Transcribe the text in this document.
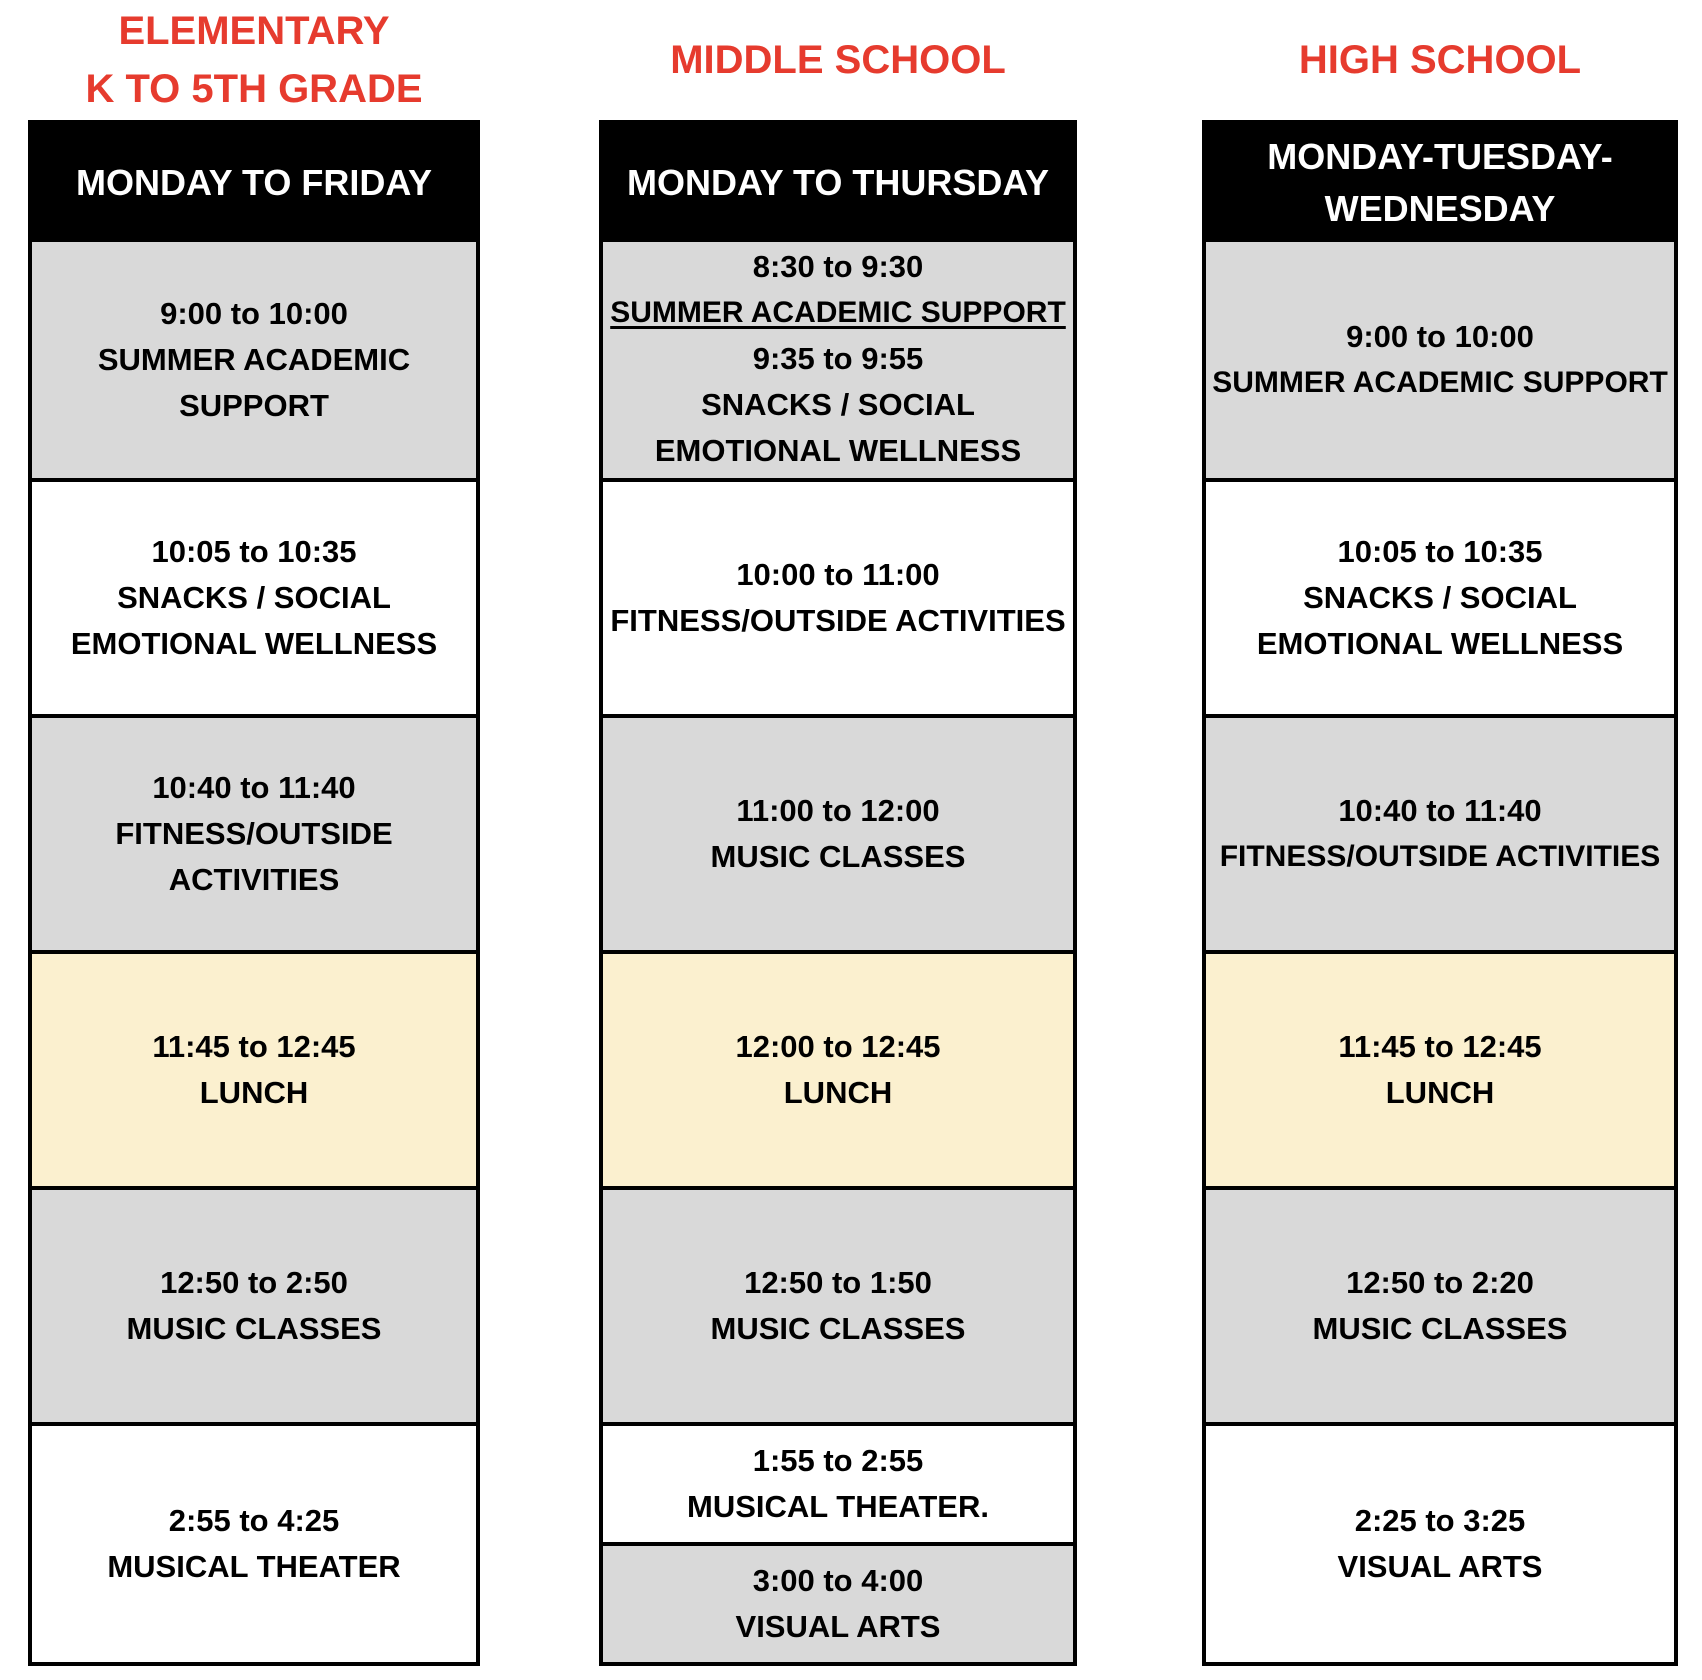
ELEMENTARY
K TO 5TH GRADE
MONDAY TO FRIDAY
9:00 to 10:00
SUMMER ACADEMIC SUPPORT
10:05 to 10:35
SNACKS / SOCIAL EMOTIONAL WELLNESS
10:40 to 11:40
FITNESS/OUTSIDE ACTIVITIES
11:45 to 12:45
LUNCH
12:50 to 2:50
MUSIC CLASSES
2:55 to 4:25
MUSICAL THEATER
MIDDLE SCHOOL
MONDAY TO THURSDAY
8:30 to 9:30
SUMMER ACADEMIC SUPPORT
9:35 to 9:55
SNACKS / SOCIAL EMOTIONAL WELLNESS
10:00 to 11:00
FITNESS/OUTSIDE ACTIVITIES
11:00 to 12:00
MUSIC CLASSES
12:00 to 12:45
LUNCH
12:50 to 1:50
MUSIC CLASSES
1:55 to 2:55
MUSICAL THEATER.
3:00 to 4:00
VISUAL ARTS
HIGH SCHOOL
MONDAY-TUESDAY-WEDNESDAY
9:00 to 10:00
SUMMER ACADEMIC SUPPORT
10:05 to 10:35
SNACKS / SOCIAL EMOTIONAL WELLNESS
10:40 to 11:40
FITNESS/OUTSIDE ACTIVITIES
11:45 to 12:45
LUNCH
12:50 to 2:20
MUSIC CLASSES
2:25 to 3:25
VISUAL ARTS
